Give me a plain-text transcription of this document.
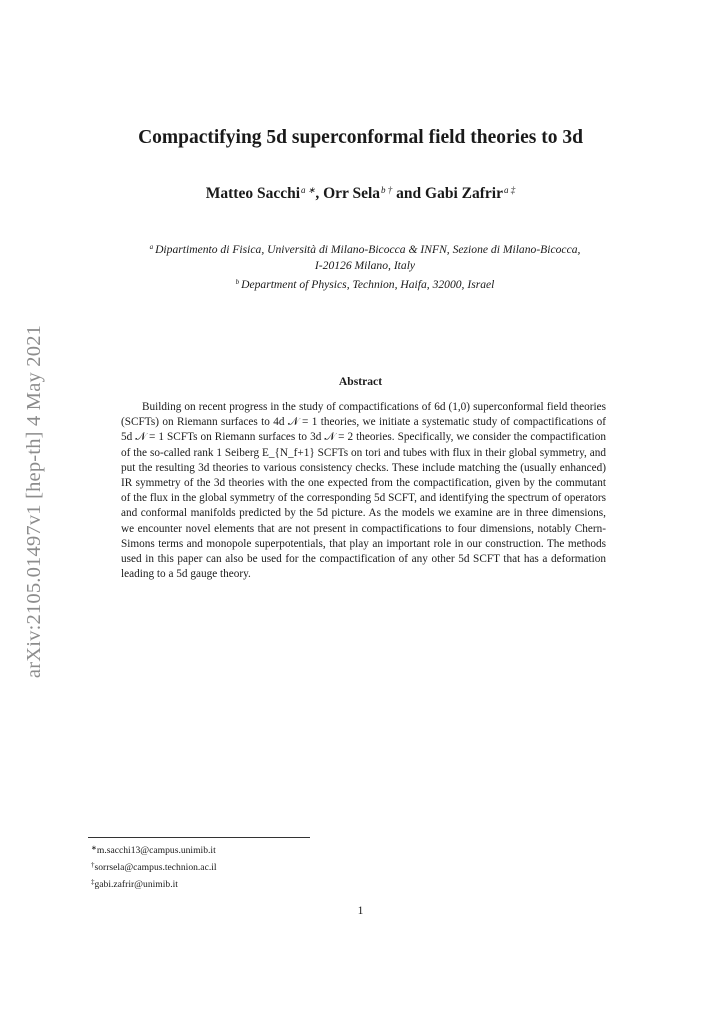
arXiv:2105.01497v1 [hep-th] 4 May 2021
Compactifying 5d superconformal field theories to 3d
Matteo Sacchi$^{a ∗}$, Orr Sela$^{b \dagger}$ and Gabi Zafrir$^{a \ddagger}$
$^a$ Dipartimento di Fisica, Università di Milano-Bicocca & INFN, Sezione di Milano-Bicocca,
I-20126 Milano, Italy
$^b$ Department of Physics, Technion, Haifa, 32000, Israel
Abstract

Building on recent progress in the study of compactifications of 6d (1,0) superconformal field theories (SCFTs) on Riemann surfaces to 4d 𝒩 = 1 theories, we initiate a systematic study of compactifications of 5d 𝒩 = 1 SCFTs on Riemann surfaces to 3d 𝒩 = 2 theories. Specifically, we consider the compactification of the so-called rank 1 Seiberg E_{N_f+1} SCFTs on tori and tubes with flux in their global symmetry, and put the resulting 3d theories to various consistency checks. These include matching the (usually enhanced) IR symmetry of the 3d theories with the one expected from the compactification, given by the commutant of the flux in the global symmetry of the corresponding 5d SCFT, and identifying the spectrum of operators and conformal manifolds predicted by the 5d picture. As the models we examine are in three dimensions, we encounter novel elements that are not present in compactifications to four dimensions, notably Chern-Simons terms and monopole superpotentials, that play an important role in our construction. The methods used in this paper can also be used for the compactification of any other 5d SCFT that has a deformation leading to a 5d gauge theory.

∗m.sacchi13@campus.unimib.it
†sorrsela@campus.technion.ac.il
‡gabi.zafrir@unimib.it
1
